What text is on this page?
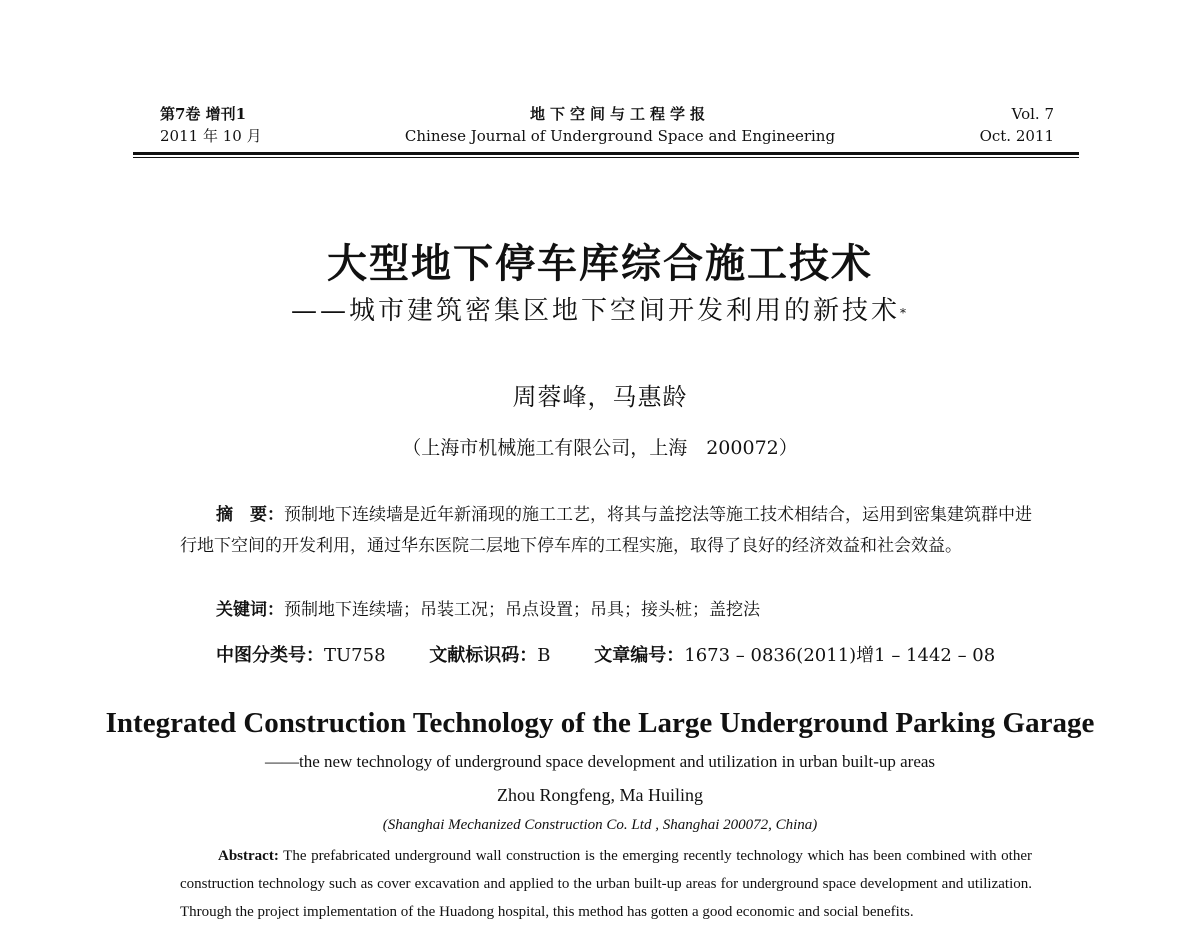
第7卷 增刊1
2011 年 10 月
地下空间与工程学报
Chinese Journal of Underground Space and Engineering
Vol. 7
Oct. 2011
大型地下停车库综合施工技术
——城市建筑密集区地下空间开发利用的新技术*
周蓉峰，马惠龄
（上海市机械施工有限公司，上海　200072）
摘　要：预制地下连续墙是近年新涌现的施工工艺，将其与盖挖法等施工技术相结合，运用到密集建筑群中进行地下空间的开发利用，通过华东医院二层地下停车库的工程实施，取得了良好的经济效益和社会效益。
关键词：预制地下连续墙；吊装工况；吊点设置；吊具；接头桩；盖挖法
中图分类号：TU758 文献标识码：B 文章编号：1673 – 0836(2011)增1 – 1442 – 08
Integrated Construction Technology of the Large Underground Parking Garage
——the new technology of underground space development and utilization in urban built-up areas
Zhou Rongfeng, Ma Huiling
(Shanghai Mechanized Construction Co. Ltd , Shanghai 200072, China)
Abstract: The prefabricated underground wall construction is the emerging recently technology which has been combined with other construction technology such as cover excavation and applied to the urban built-up areas for underground space development and utilization. Through the project implementation of the Huadong hospital, this method has gotten a good economic and social benefits.
